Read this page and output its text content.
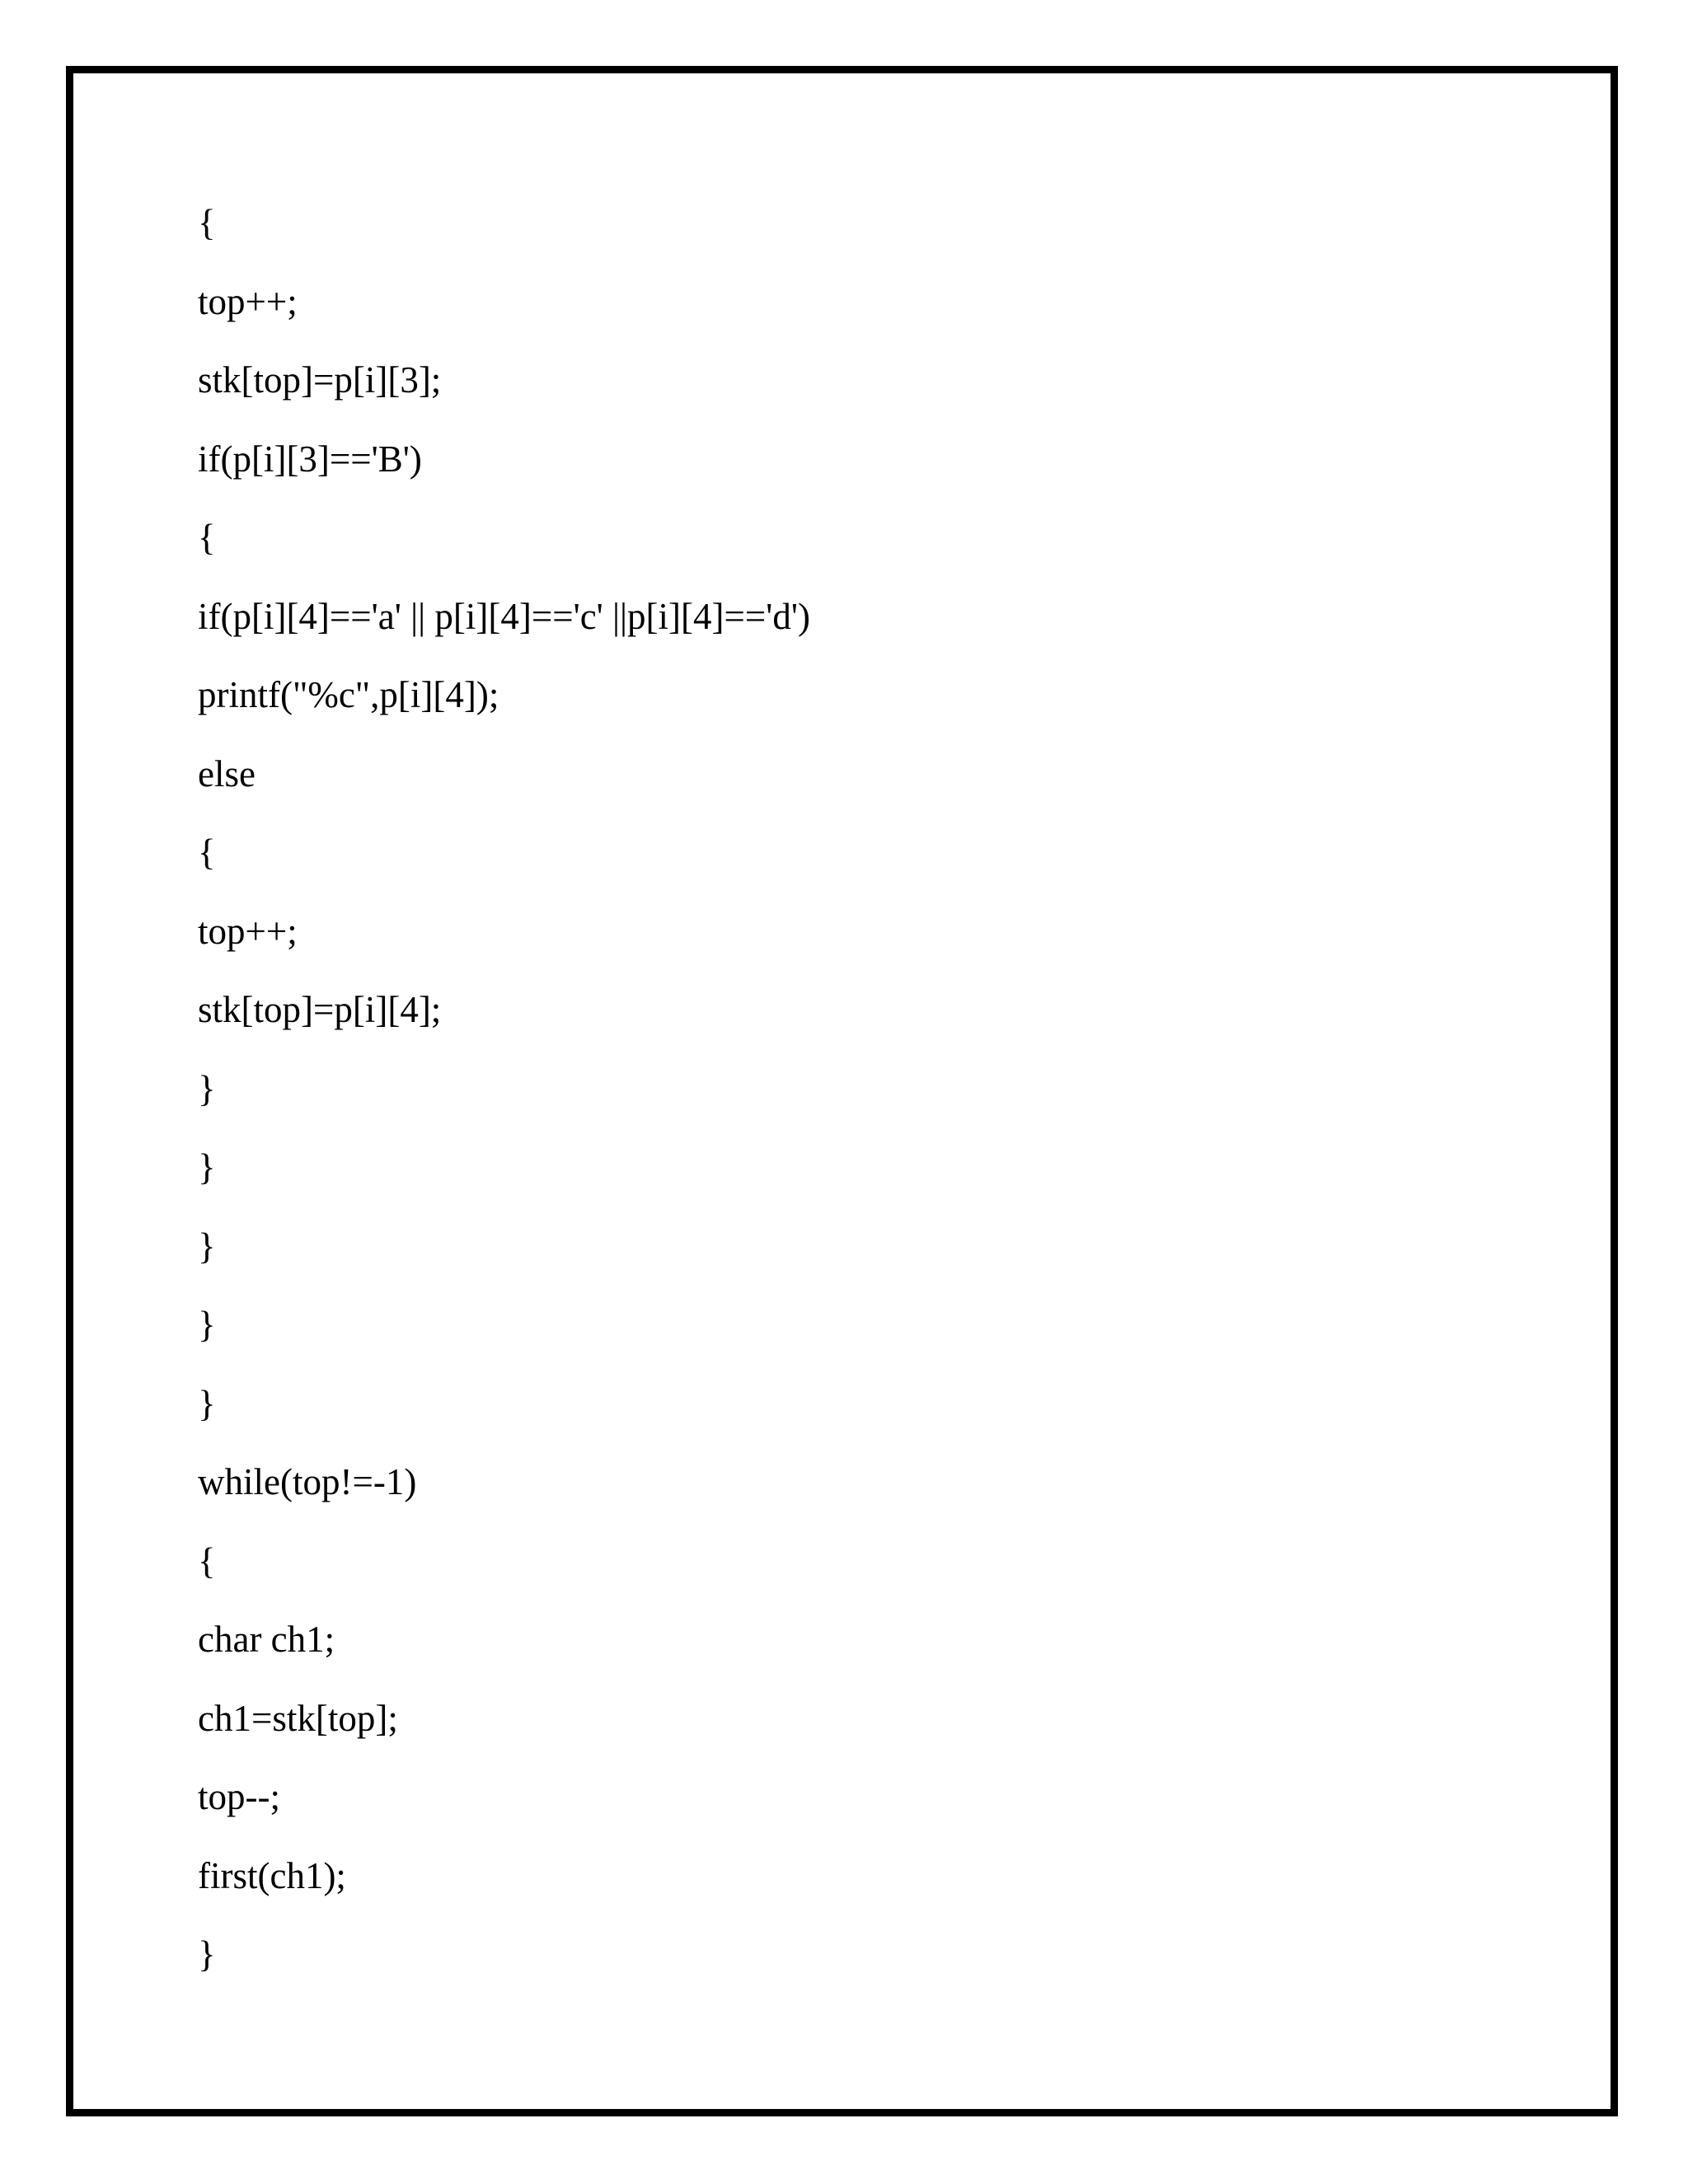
{
top++;
stk[top]=p[i][3];
if(p[i][3]=='B')
{
if(p[i][4]=='a' || p[i][4]=='c' ||p[i][4]=='d')
printf("%c",p[i][4]);
else
{
top++;
stk[top]=p[i][4];
}
}
}
}
}
while(top!=-1)
{
char ch1;
ch1=stk[top];
top--;
first(ch1);
}
